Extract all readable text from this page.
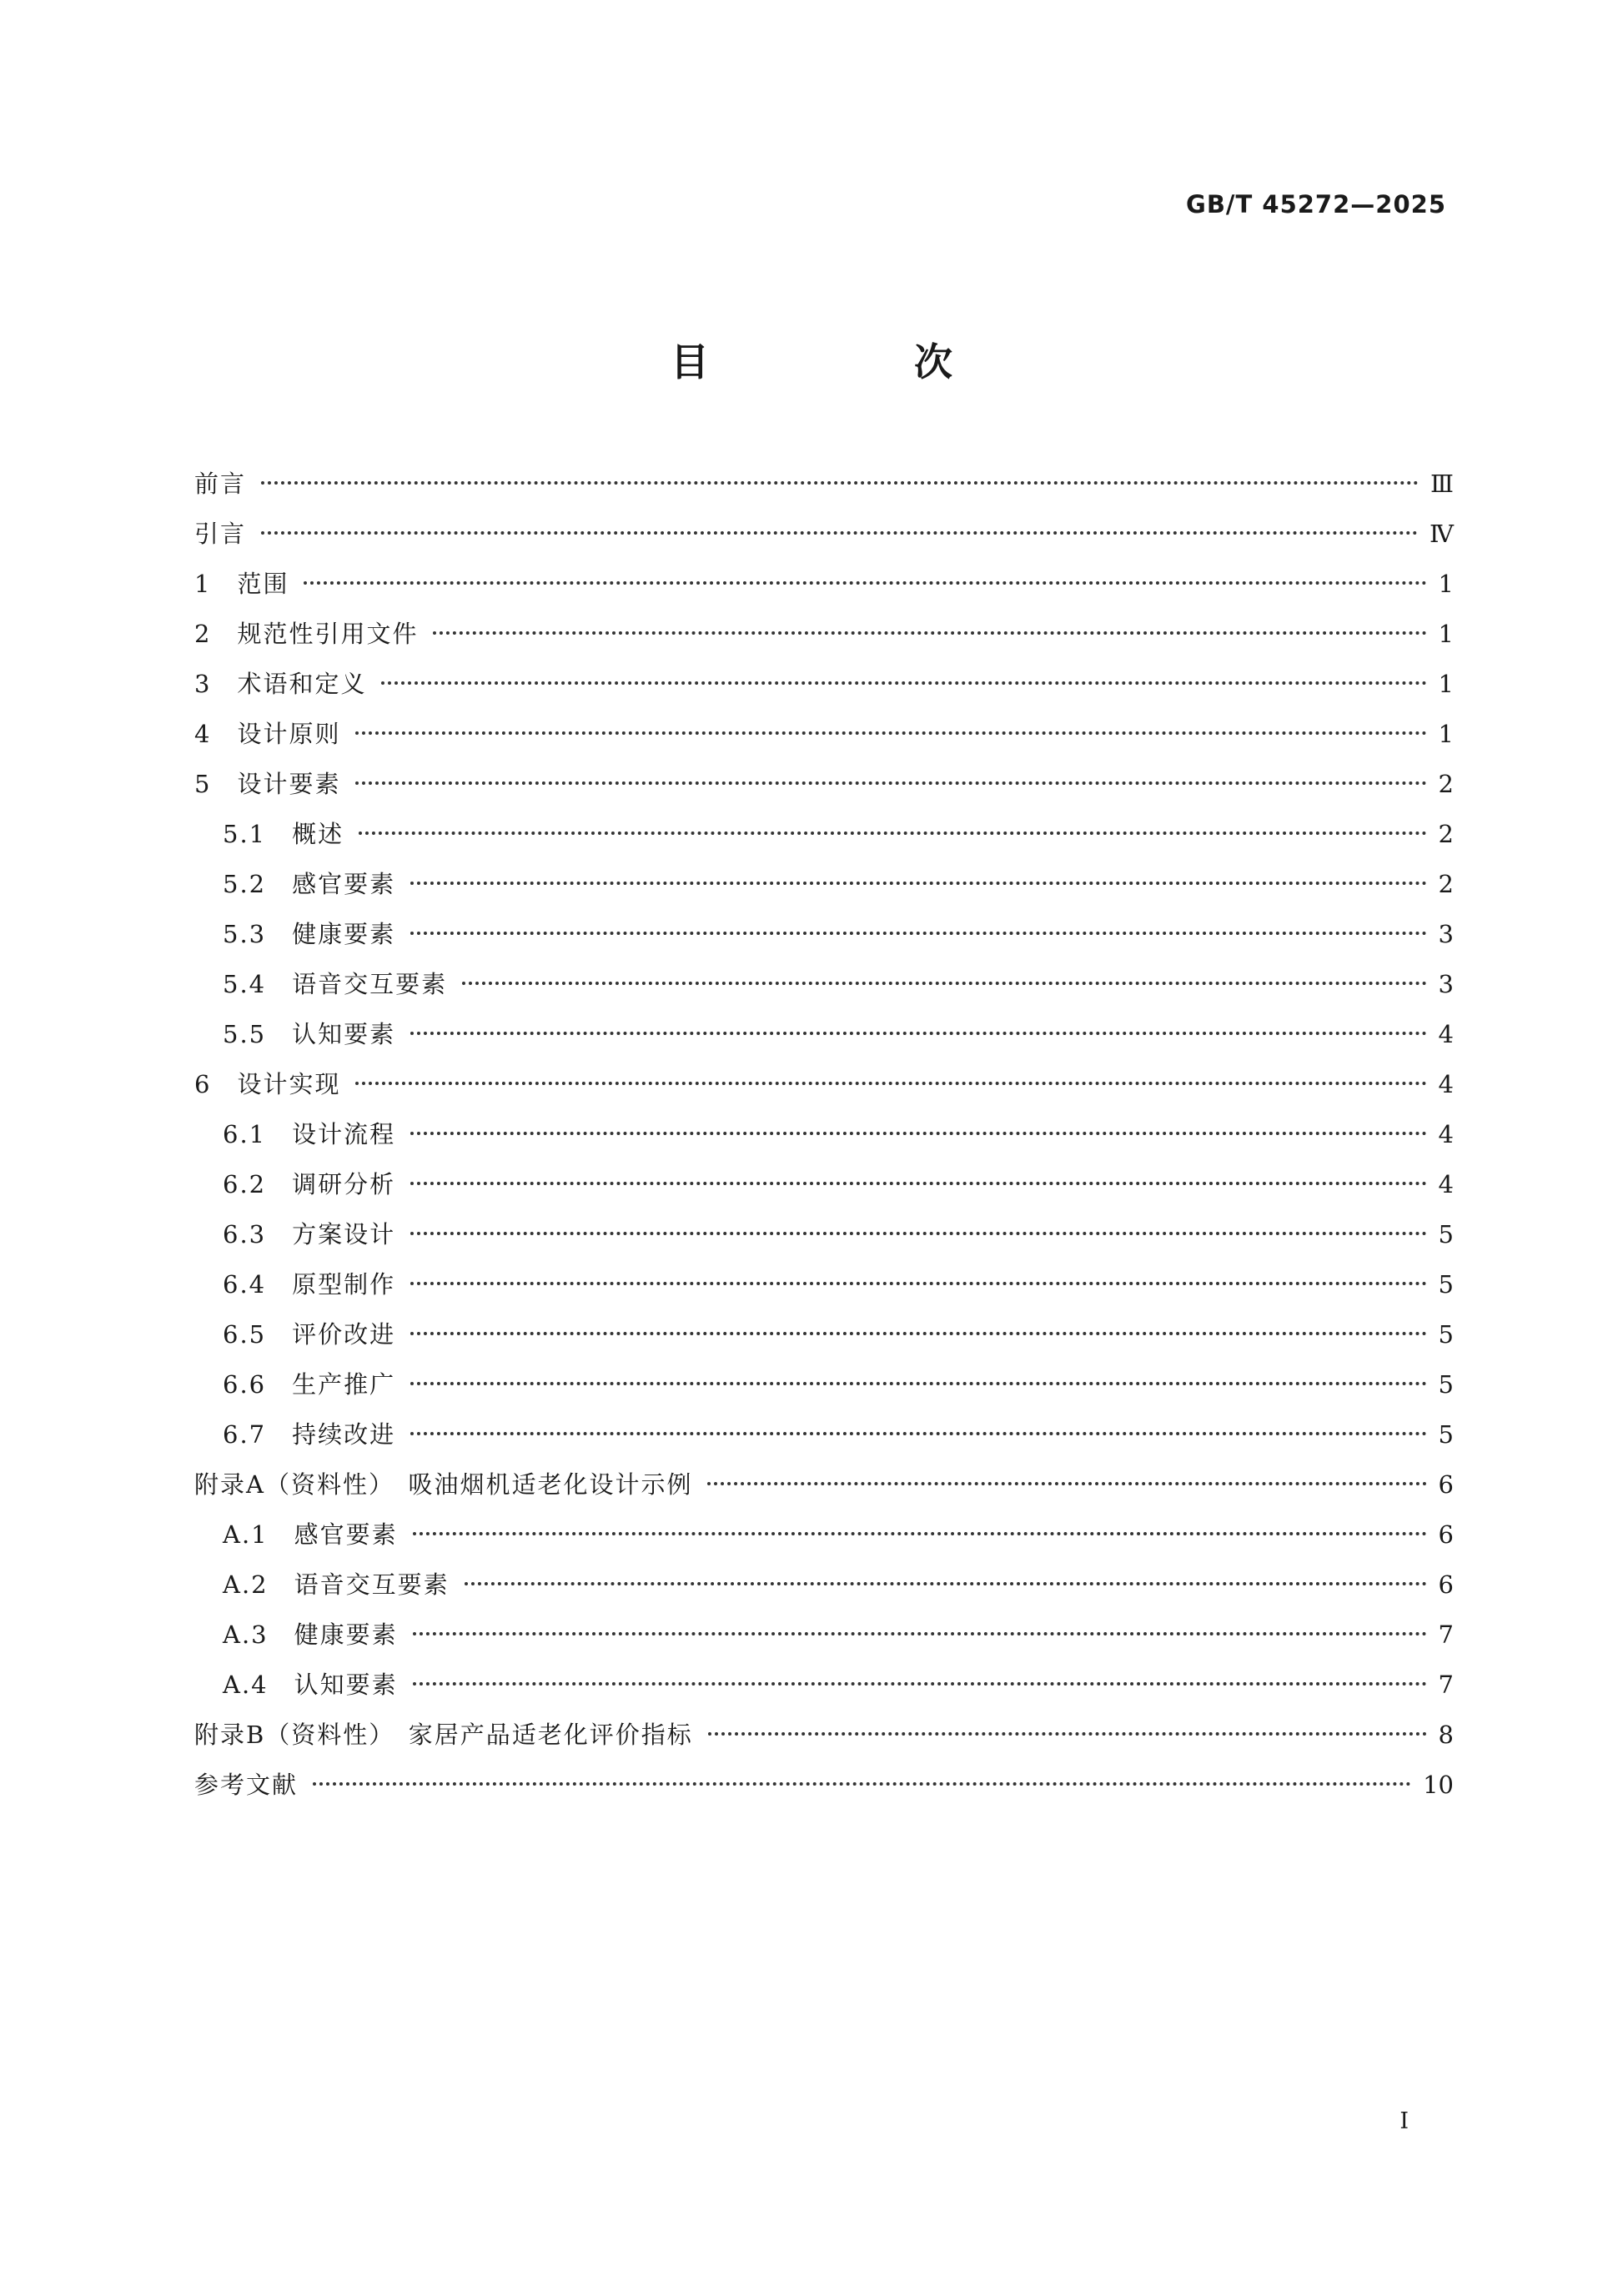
GB/T 45272—2025
目　次
前言	Ⅲ
引言	Ⅳ
1　范围	1
2　规范性引用文件	1
3　术语和定义	1
4　设计原则	1
5　设计要素	2
5.1　概述	2
5.2　感官要素	2
5.3　健康要素	3
5.4　语音交互要素	3
5.5　认知要素	4
6　设计实现	4
6.1　设计流程	4
6.2　调研分析	4
6.3　方案设计	5
6.4　原型制作	5
6.5　评价改进	5
6.6　生产推广	5
6.7　持续改进	5
附录A（资料性）　吸油烟机适老化设计示例	6
A.1　感官要素	6
A.2　语音交互要素	6
A.3　健康要素	7
A.4　认知要素	7
附录B（资料性）　家居产品适老化评价指标	8
参考文献	10
I
